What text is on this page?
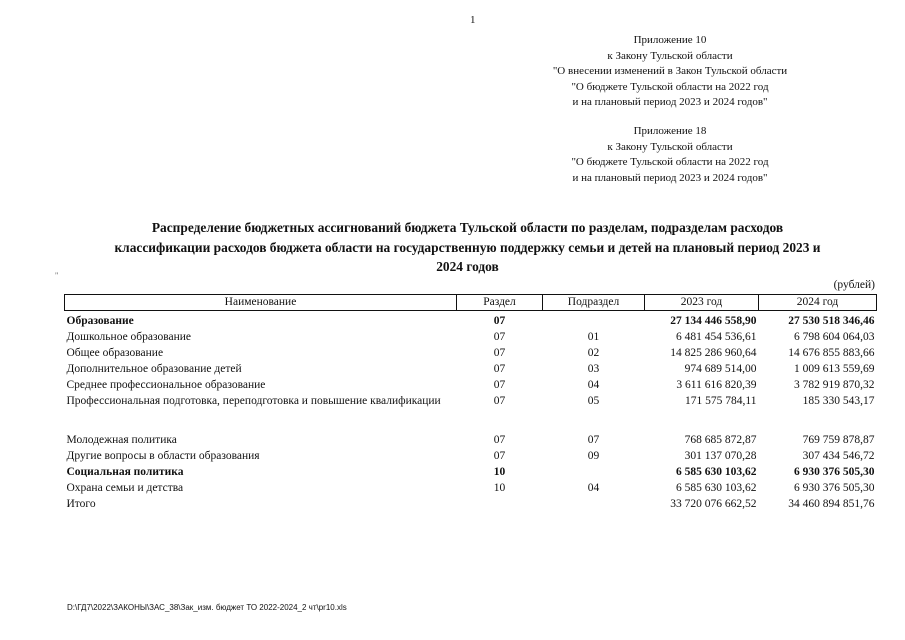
1
Приложение 10
к Закону Тульской области
"О внесении изменений в Закон Тульской области
"О бюджете Тульской области на 2022 год
и на плановый период 2023 и 2024 годов"
Приложение 18
к Закону Тульской области
"О бюджете Тульской области на 2022 год
и на плановый период 2023 и 2024 годов"
Распределение бюджетных ассигнований бюджета Тульской области по разделам, подразделам расходов
классификации расходов бюджета области на государственную поддержку семьи и детей на плановый период 2023 и
2024 годов
"
(рублей)
Наименование	Раздел	Подраздел	2023 год	2024 год
Образование	07		27 134 446 558,90	27 530 518 346,46
Дошкольное образование	07	01	6 481 454 536,61	6 798 604 064,03
Общее образование	07	02	14 825 286 960,64	14 676 855 883,66
Дополнительное образование детей	07	03	974 689 514,00	1 009 613 559,69
Среднее профессиональное образование	07	04	3 611 616 820,39	3 782 919 870,32
Профессиональная подготовка, переподготовка и повышение квалификации	07	05	171 575 784,11	185 330 543,17
Молодежная политика	07	07	768 685 872,87	769 759 878,87
Другие вопросы в области образования	07	09	301 137 070,28	307 434 546,72
Социальная политика	10		6 585 630 103,62	6 930 376 505,30
Охрана семьи и детства	10	04	6 585 630 103,62	6 930 376 505,30
Итого			33 720 076 662,52	34 460 894 851,76
D:\ГД7\2022\ЗАКОНЫ\ЗАС_38\Зак_изм. бюджет ТО 2022-2024_2 чт\pr10.xls
